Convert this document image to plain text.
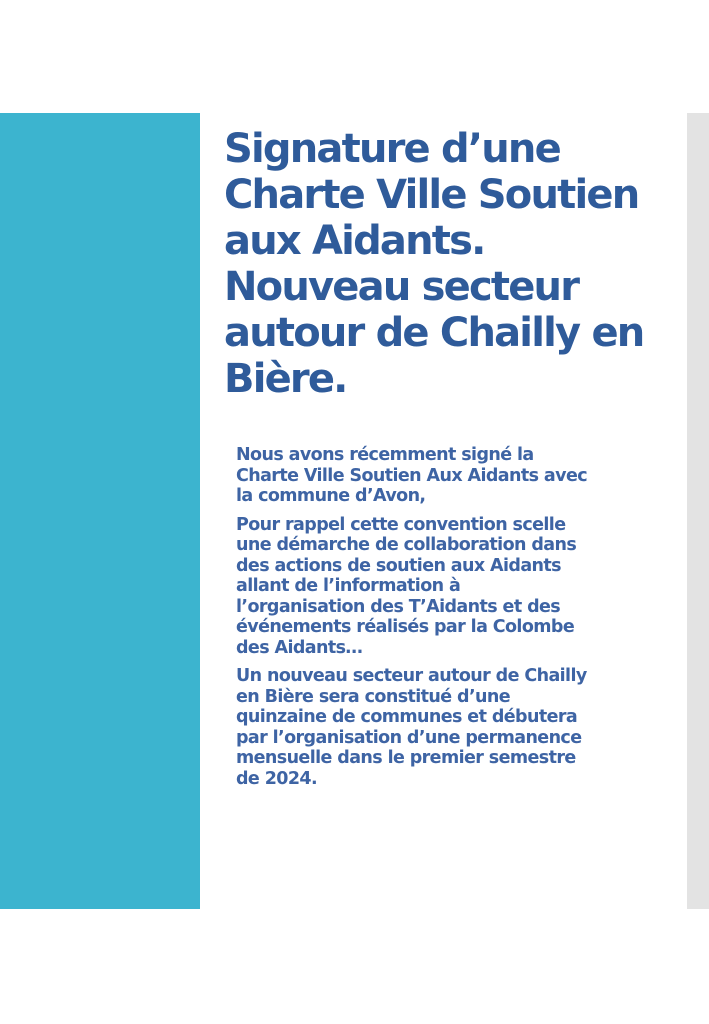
Signature d’une
Charte Ville Soutien
aux Aidants.
Nouveau secteur
autour de Chailly en
Bière.

Nous avons récemment signé la
Charte Ville Soutien Aux Aidants avec
la commune d’Avon,

Pour rappel cette convention scelle
une démarche de collaboration dans
des actions de soutien aux Aidants
allant de l’information à
l’organisation des T’Aidants et des
événements réalisés par la Colombe
des Aidants…

Un nouveau secteur autour de Chailly
en Bière sera constitué d’une
quinzaine de communes et débutera
par l’organisation d’une permanence
mensuelle dans le premier semestre
de 2024.
